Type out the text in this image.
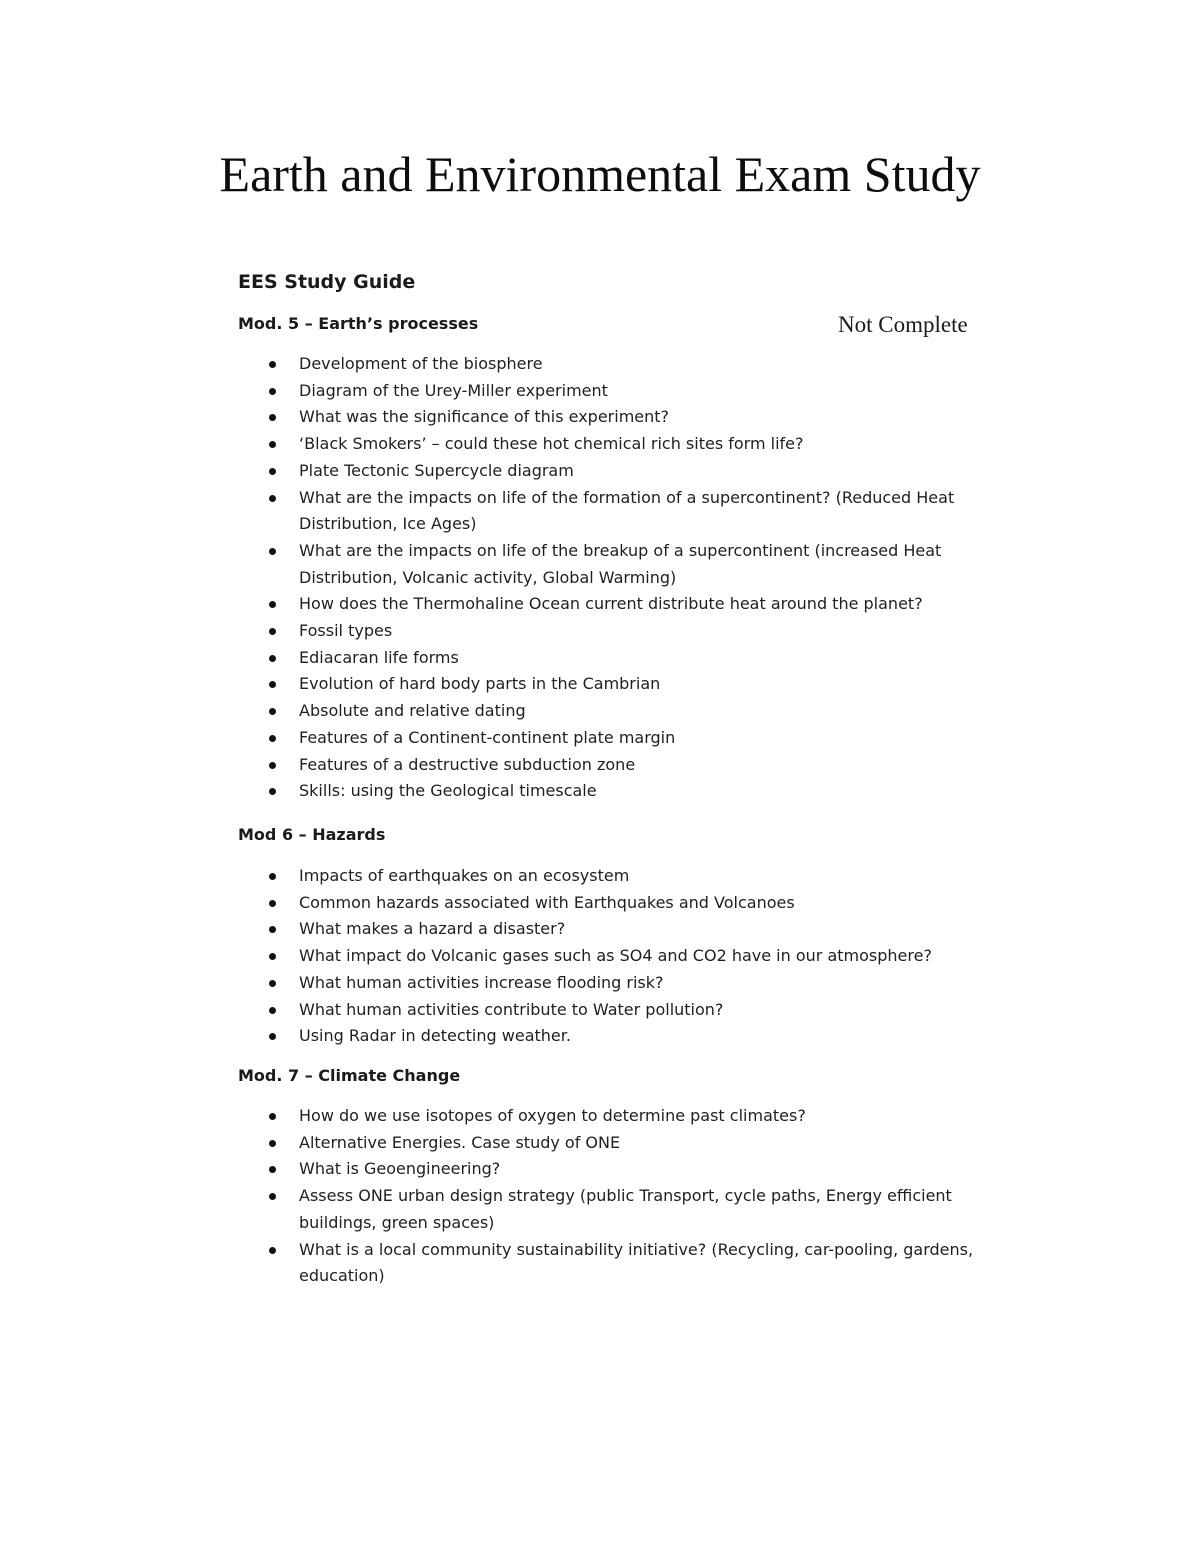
Earth and Environmental Exam Study
EES Study Guide
Not Complete
Mod. 5 – Earth’s processes
Development of the biosphere
Diagram of the Urey-Miller experiment
What was the significance of this experiment?
‘Black Smokers’ – could these hot chemical rich sites form life?
Plate Tectonic Supercycle diagram
What are the impacts on life of the formation of a supercontinent? (Reduced Heat Distribution, Ice Ages)
What are the impacts on life of the breakup of a supercontinent (increased Heat Distribution, Volcanic activity, Global Warming)
How does the Thermohaline Ocean current distribute heat around the planet?
Fossil types
Ediacaran life forms
Evolution of hard body parts in the Cambrian
Absolute and relative dating
Features of a Continent-continent plate margin
Features of a destructive subduction zone
Skills: using the Geological timescale
Mod 6 – Hazards
Impacts of earthquakes on an ecosystem
Common hazards associated with Earthquakes and Volcanoes
What makes a hazard a disaster?
What impact do Volcanic gases such as SO4 and CO2 have in our atmosphere?
What human activities increase flooding risk?
What human activities contribute to Water pollution?
Using Radar in detecting weather.
Mod. 7 – Climate Change
How do we use isotopes of oxygen to determine past climates?
Alternative Energies. Case study of ONE
What is Geoengineering?
Assess ONE urban design strategy (public Transport, cycle paths, Energy efficient buildings, green spaces)
What is a local community sustainability initiative? (Recycling, car-pooling, gardens, education)
